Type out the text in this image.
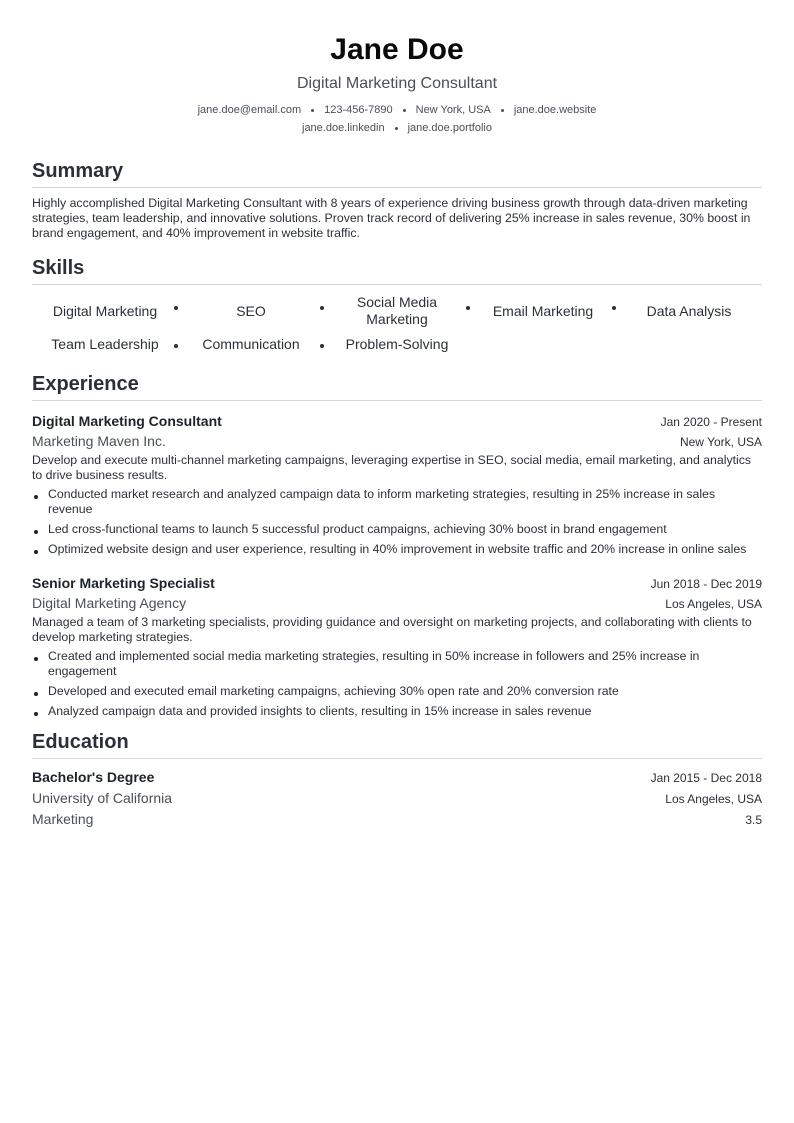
Jane Doe
Digital Marketing Consultant
jane.doe@email.com 123-456-7890 New York, USA jane.doe.website
jane.doe.linkedin jane.doe.portfolio
Summary

Highly accomplished Digital Marketing Consultant with 8 years of experience driving business growth through data-driven marketing strategies, team leadership, and innovative solutions. Proven track record of delivering 25% increase in sales revenue, 30% boost in brand engagement, and 40% improvement in website traffic.

Skills
Digital Marketing	SEO
Social Media Marketing
Email Marketing	Data Analysis
Team Leadership	Communication	Problem-Solving
Experience
Digital Marketing Consultant	Jan 2020 - Present
Marketing Maven Inc.	New York, USA
Develop and execute multi-channel marketing campaigns, leveraging expertise in SEO, social media, email marketing, and analytics to drive business results.
Conducted market research and analyzed campaign data to inform marketing strategies, resulting in 25% increase in sales revenue
Led cross-functional teams to launch 5 successful product campaigns, achieving 30% boost in brand engagement
Optimized website design and user experience, resulting in 40% improvement in website traffic and 20% increase in online sales
Senior Marketing Specialist	Jun 2018 - Dec 2019
Digital Marketing Agency	Los Angeles, USA
Managed a team of 3 marketing specialists, providing guidance and oversight on marketing projects, and collaborating with clients to develop marketing strategies.
Created and implemented social media marketing strategies, resulting in 50% increase in followers and 25% increase in engagement
Developed and executed email marketing campaigns, achieving 30% open rate and 20% conversion rate
Analyzed campaign data and provided insights to clients, resulting in 15% increase in sales revenue
Education
Bachelor's Degree	Jan 2015 - Dec 2018
University of California	Los Angeles, USA
Marketing	3.5
